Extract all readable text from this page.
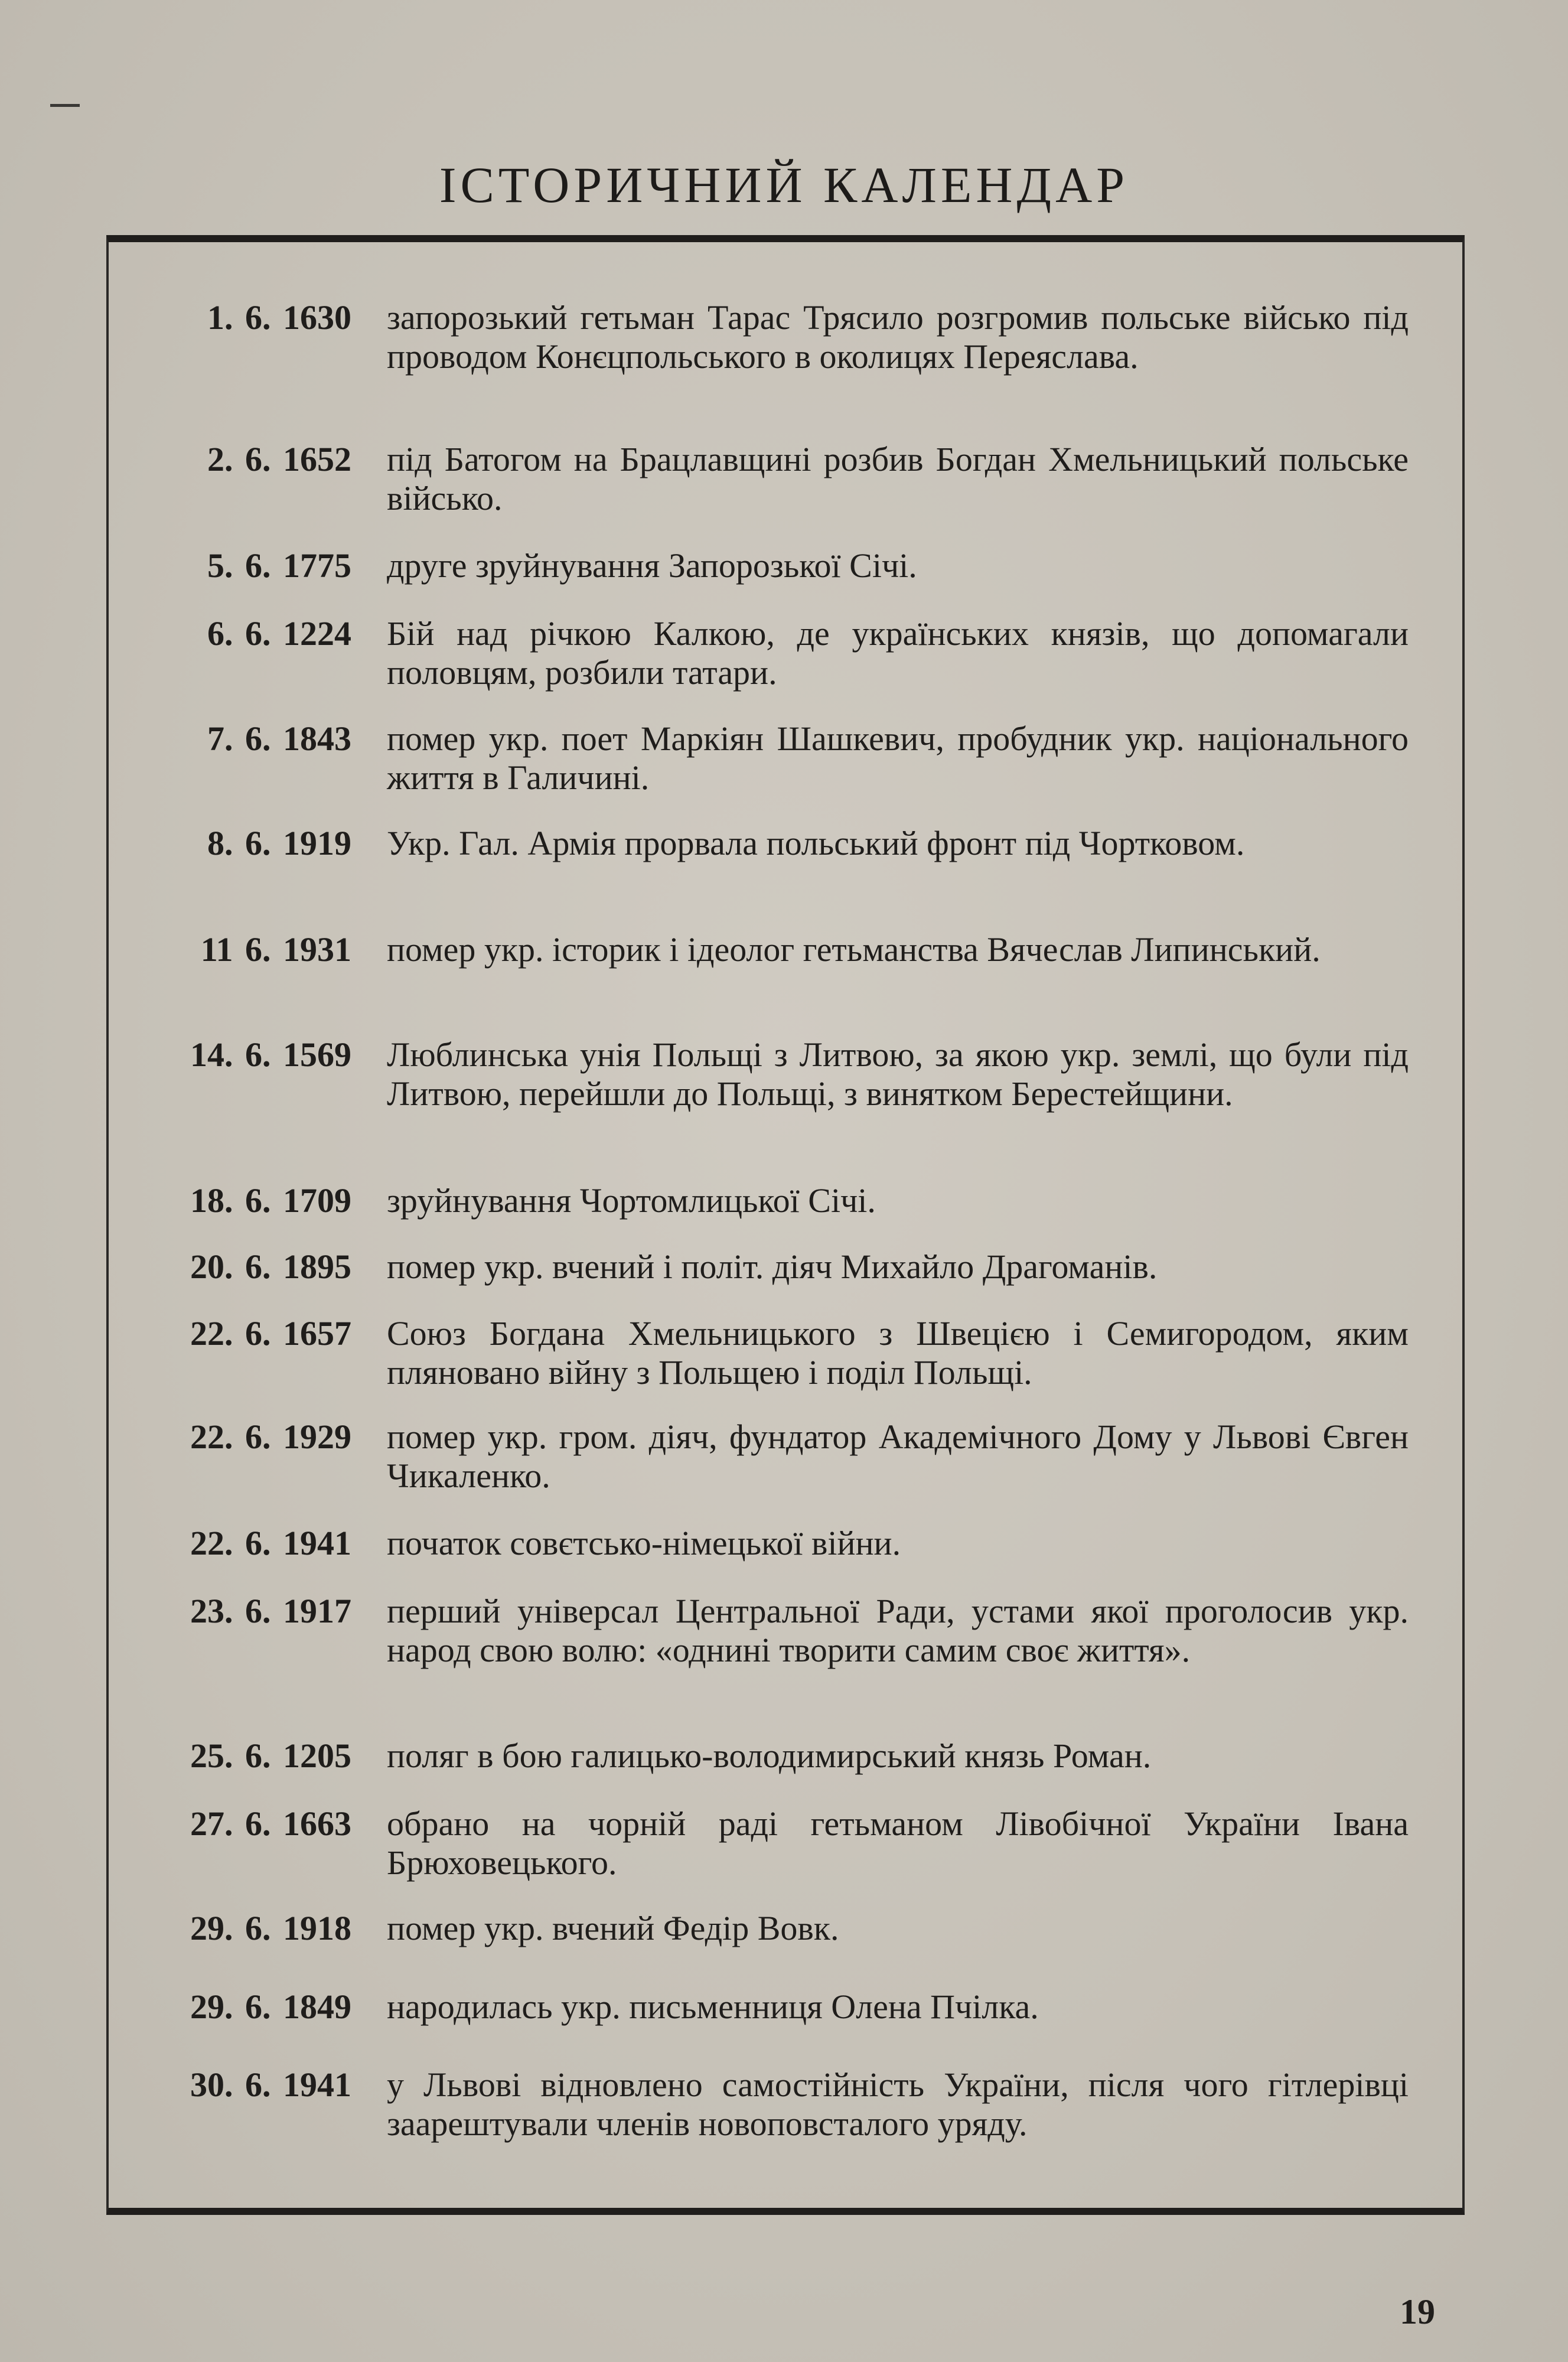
ІСТОРИЧНИЙ КАЛЕНДАР
1. 6. 1630 запорозький гетьман Тарас Трясило розгромив польське військо під проводом Конєцпольського в околицях Переяслава.
2. 6. 1652 під Батогом на Брацлавщині розбив Богдан Хмельницький польське військо.
5. 6. 1775 друге зруйнування Запорозької Січі.
6. 6. 1224 Бій над річкою Калкою, де українських князів, що допомагали половцям, розбили татари.
7. 6. 1843 помер укр. поет Маркіян Шашкевич, пробудник укр. національного життя в Галичині.
8. 6. 1919 Укр. Гал. Армія прорвала польський фронт під Чортковом.
11 6. 1931 помер укр. історик і ідеолог гетьманства Вячеслав Липинський.
14. 6. 1569 Люблинська унія Польщі з Литвою, за якою укр. землі, що були під Литвою, перейшли до Польщі, з винятком Берестейщини.
18. 6. 1709 зруйнування Чортомлицької Січі.
20. 6. 1895 помер укр. вчений і політ. діяч Михайло Драгоманів.
22. 6. 1657 Союз Богдана Хмельницького з Швецією і Семигородом, яким пляновано війну з Польщею і поділ Польщі.
22. 6. 1929 помер укр. гром. діяч, фундатор Академічного Дому у Львові Євген Чикаленко.
22. 6. 1941 початок совєтсько-німецької війни.
23. 6. 1917 перший універсал Центральної Ради, устами якої проголосив укр. народ свою волю: «однині творити самим своє життя».
25. 6. 1205 поляг в бою галицько-володимирський князь Роман.
27. 6. 1663 обрано на чорній раді гетьманом Лівобічної України Івана Брюховецького.
29. 6. 1918 помер укр. вчений Федір Вовк.
29. 6. 1849 народилась укр. письменниця Олена Пчілка.
30. 6. 1941 у Львові відновлено самостійність України, після чого гітлерівці заарештували членів новоповсталого уряду.
19
